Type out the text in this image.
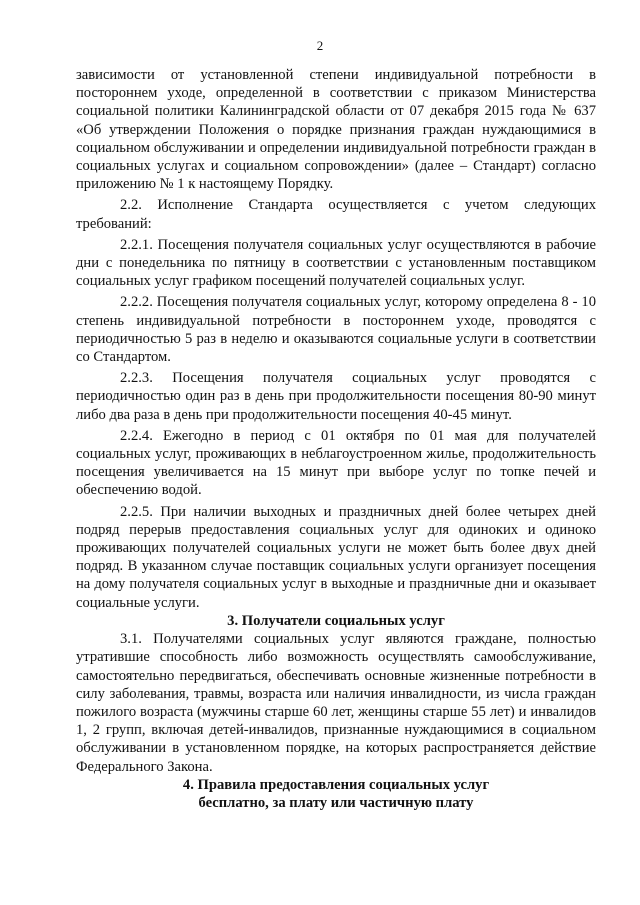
2

зависимости от установленной степени индивидуальной потребности в постороннем уходе, определенной в соответствии с приказом Министерства социальной политики Калининградской области от 07 декабря 2015 года № 637 «Об утверждении Положения о порядке признания граждан нуждающимися в социальном обслуживании и определении индивидуальной потребности граждан в социальных услугах и социальном сопровождении» (далее – Стандарт) согласно приложению № 1 к настоящему Порядку.

2.2. Исполнение Стандарта осуществляется с учетом следующих требований:

2.2.1. Посещения получателя социальных услуг осуществляются в рабочие дни с понедельника по пятницу в соответствии с установленным поставщиком социальных услуг графиком посещений получателей социальных услуг.

2.2.2. Посещения получателя социальных услуг, которому определена 8 - 10 степень индивидуальной потребности в постороннем уходе, проводятся с периодичностью 5 раз в неделю и оказываются социальные услуги в соответствии со Стандартом.

2.2.3. Посещения получателя социальных услуг проводятся с периодичностью один раз в день при продолжительности посещения 80-90 минут либо два раза в день при продолжительности посещения 40-45 минут.

2.2.4. Ежегодно в период с 01 октября по 01 мая для получателей социальных услуг, проживающих в неблагоустроенном жилье, продолжительность посещения увеличивается на 15 минут при выборе услуг по топке печей и обеспечению водой.

2.2.5. При наличии выходных и праздничных дней более четырех дней подряд перерыв предоставления социальных услуг для одиноких и одиноко проживающих получателей социальных услуги не может быть более двух дней подряд. В указанном случае поставщик социальных услуги организует посещения на дому получателя социальных услуг в выходные и праздничные дни и оказывает социальные услуги.

3. Получатели социальных услуг

3.1. Получателями социальных услуг являются граждане, полностью утратившие способность либо возможность осуществлять самообслуживание, самостоятельно передвигаться, обеспечивать основные жизненные потребности в силу заболевания, травмы, возраста или наличия инвалидности, из числа граждан пожилого возраста (мужчины старше 60 лет, женщины старше 55 лет) и инвалидов 1, 2 групп, включая детей-инвалидов, признанные нуждающимися в социальном обслуживании в установленном порядке, на которых распространяется действие Федерального Закона.

4. Правила предоставления социальных услуг
бесплатно, за плату или частичную плату
